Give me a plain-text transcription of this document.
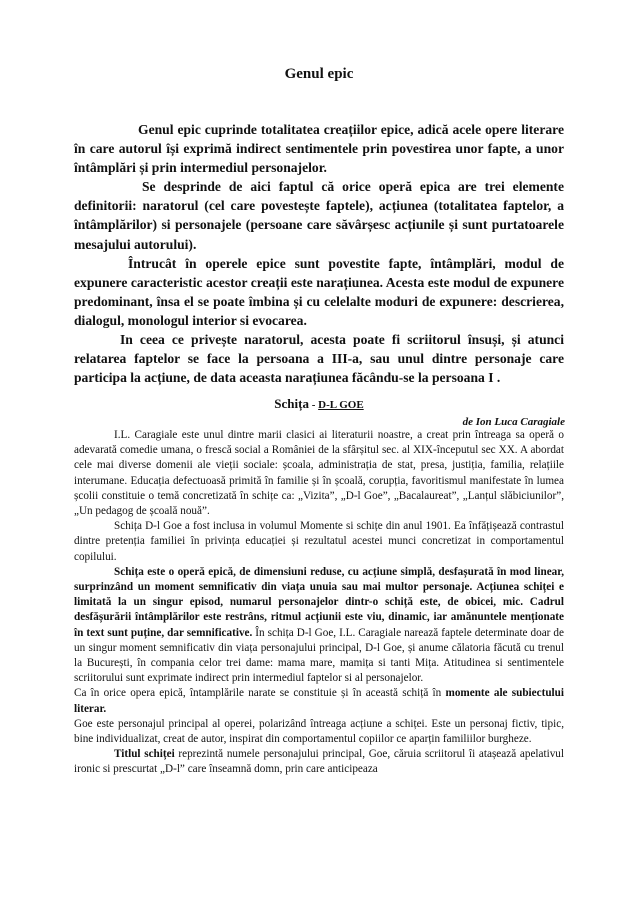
Genul epic

Genul epic cuprinde totalitatea creațiilor epice, adică acele opere literare în care autorul își exprimă indirect sentimentele prin povestirea unor fapte, a unor întâmplări și prin intermediul personajelor.

Se desprinde de aici faptul că orice operă epica are trei elemente definitorii: naratorul (cel care povestește faptele), acțiunea (totalitatea faptelor, a întâmplărilor) si personajele (persoane care săvârșesc acțiunile și sunt purtatoarele mesajului autorului).

Întrucât în operele epice sunt povestite fapte, întâmplări, modul de expunere caracteristic acestor creații este narațiunea. Acesta este modul de expunere predominant, însa el se poate îmbina și cu celelalte moduri de expunere: descrierea, dialogul, monologul interior si evocarea.

In ceea ce privește naratorul, acesta poate fi scriitorul însuși, și atunci relatarea faptelor se face la persoana a III-a, sau unul dintre personaje care participa la acțiune, de data aceasta narațiunea făcându-se la persoana I .

Schița - D-L GOE
de Ion Luca Caragiale

I.L. Caragiale este unul dintre marii clasici ai literaturii noastre, a creat prin întreaga sa operă o adevarată comedie umana, o frescă social a României de la sfârșitul sec. al XIX-începutul sec XX. A abordat cele mai diverse domenii ale vieții sociale: școala, administrația de stat, presa, justiția, familia, relațiile interumane. Educația defectuoasă primită în familie și în școală, corupția, favoritismul manifestate în lumea școlii constituie o temă concretizată în schițe ca: „Vizita”, „D-l Goe”, „Bacalaureat”, „Lanțul slăbiciunilor”, „Un pedagog de școală nouă”.

Schița D-l Goe a fost inclusa in volumul Momente si schițe din anul 1901. Ea înfățișează contrastul dintre pretenția familiei în privința educației și rezultatul acestei munci concretizat in comportamentul copilului.

Schița este o operă epică, de dimensiuni reduse, cu acțiune simplă, desfașurată în mod linear, surprinzând un moment semnificativ din viața unuia sau mai multor personaje. Acțiunea schiței e limitată la un singur episod, numarul personajelor dintr-o schiță este, de obicei, mic. Cadrul desfășurării întâmplărilor este restrâns, ritmul acțiunii este viu, dinamic, iar amănuntele menționate în text sunt puține, dar semnificative. În schița D-l Goe, I.L. Caragiale narează faptele determinate doar de un singur moment semnificativ din viața personajului principal, D-l Goe, și anume călatoria făcută cu trenul la București, în compania celor trei dame: mama mare, mamița si tanti Mița. Atitudinea si sentimentele scriitorului sunt exprimate indirect prin intermediul faptelor si al personajelor.

Ca în orice opera epică, întamplările narate se constituie și în această schiță în momente ale subiectului literar.

Goe este personajul principal al operei, polarizând întreaga acțiune a schiței. Este un personaj fictiv, tipic, bine individualizat, creat de autor, inspirat din comportamentul copiilor ce aparțin familiilor burgheze.

Titlul schiței reprezintă numele personajului principal, Goe, căruia scriitorul îi atașează apelativul ironic si prescurtat „D-l” care înseamnă domn, prin care anticipeaza
